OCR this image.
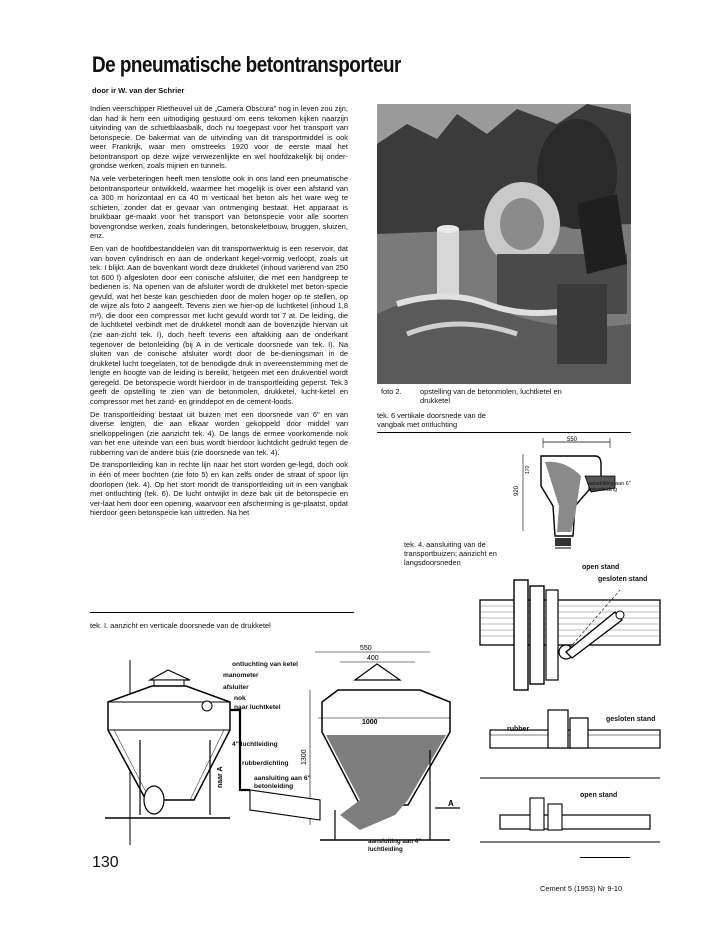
De pneumatische betontransporteur
door ir W. van der Schrier

Indien veerschipper Rietheuvel uit de „Camera Obscura" nog in leven zou zijn, dan had ik hem een uitnodiging gestuurd om eens tekomen kijken naarzijn uitvinding van de schietblaasbalk, doch nu toegepast voor het transport van betonspecie. De bakermat van de uitvinding van dit transportmiddel is ook weer Frankrijk, waar men omstreeks 1920 voor de eerste maal het betontransport op deze wijze verwezenlijkte en wel hoofdzakelijk bij onder-grondse werken, zoals mijnen en tunnels.

Na vele verbeteringen heeft men tenslotte ook in ons land een pneumatische betontransporteur ontwikkeld, waarmee het mogelijk is over een afstand van ca 300 m horizontaal en ca 40 m verticaal het beton als het ware weg te schieten, zonder dat er gevaar van ontmenging bestaat. Het apparaat is bruikbaar ge-maakt voor het transport van betonspecie voor alle soorten bovengrondse werken, zoals funderingen, betonskeletbouw, bruggen, sluizen, enz.

Een van de hoofdbestanddelen van dit transportwerktuig is een reservoir, dat van boven cylindrisch en aan de onderkant kegel-vormig verloopt, zoals uit tek. I blijkt. Aan de bovenkant wordt deze drukketel (inhoud variërend van 250 tot 600 l) afgesloten door een conische afsluiter, die met een handgreep te bedienen is. Na openen van de afsluiter wordt de drukketel met beton-specie gevuld, wat het beste kan geschieden door de molen hoger op te stellen, op de wijze als foto 2 aangeeft. Tevens zien we hier-op de luchtketel (inhoud 1,8 m³), die door een compressor met lucht gevuld wordt tot 7 at. De leiding, die de luchtketel verbindt met de drukketel mondt aan de bovenzijde hiervan uit (zie aan-zicht tek. I), doch heeft tevens een aftakking aan de onderkant tegenover de betonleiding (bij A in de verticale doorsnede van tek. I). Na sluiten van de conische afsluiter wordt door de be-dieningsman in de drukketel lucht toegelaten, tot de benodigde druk in overeenstemming met de lengte en hoogte van de leiding is bereikt, hetgeen met een drukventiel wordt geregeld. De betonspecie wordt hierdoor in de transportleiding geperst. Tek.3 geeft de opstelling te zien van de betonmolen, drukketel, lucht-ketel en compressor met het zand- en grinddepot en de cement-loods.

De transportleiding bestaat uit buizen met een doorsnede van 6" en van diverse lengten, die aan elkaar worden gekoppeld door middel van snelkoppelingen (zie aanzicht tek. 4). De langs de ermee voorkomende nok van het ene uiteinde van een buis wordt hierdoor luchtdicht gedrukt tegen de rubberring van de andere buis (zie doorsnede van tek. 4).

De transportleiding kan in rechte lijn naar het stort worden ge-legd, doch ook in één of meer bochten (zie foto 5) en kan zelfs onder de straat of spoor lijn doorlopen (tek. 4). Op het stort mondt de transportleiding uit in een vangbak met ontluchting (tek. 6). De lucht ontwijkt in deze bak uit de betonspecie en ver-laat hem door een opening, waarvoor een afscherming is ge-plaatst, opdat hierdoor geen betonspecie kan uittreden. Na het

foto 2. opstelling van de betonmolen, luchtketel en drukketel
tek. 6 vertikale doorsnede van de vangbak met ontluchting
550
920
170
aansluiting aan 6" betonleiding
tek. 4. aansluiting van de transportbuizen; aanzicht en langsdoorsneden
open stand
gesloten stand
gesloten stand
rubber
open stand
tek. I. aanzicht en verticale doorsnede van de drukketel
naar A
550
400
1000
1300
A
ontluchting van ketel
manometer
afsluiter
nok
naar luchtketel
4" luchtleiding
rubberdichting
aansluiting aan 6" betonleiding
aansluiting aan 4" luchtleiding
130
Cement 5 (1953) Nr 9-10
